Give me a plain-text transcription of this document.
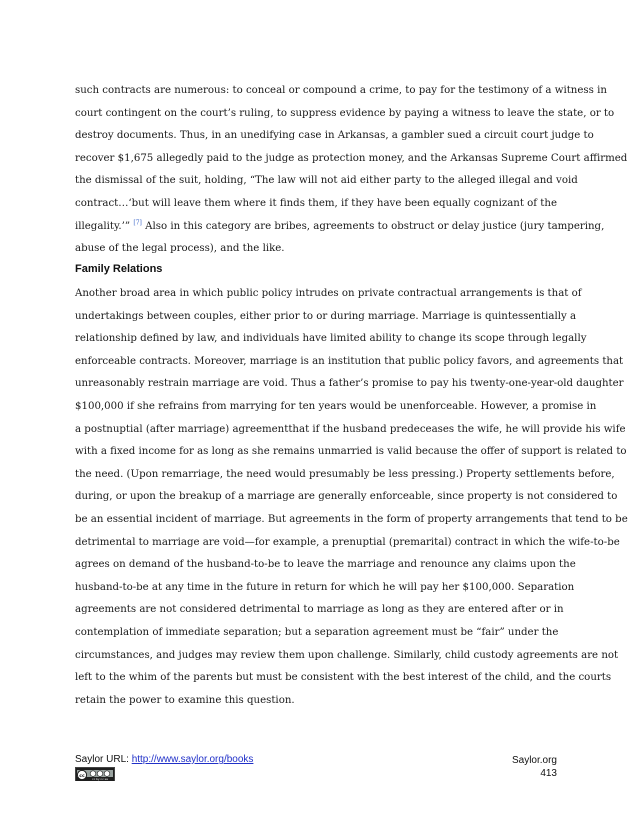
such contracts are numerous: to conceal or compound a crime, to pay for the testimony of a witness in
court contingent on the court’s ruling, to suppress evidence by paying a witness to leave the state, or to
destroy documents. Thus, in an unedifying case in Arkansas, a gambler sued a circuit court judge to
recover $1,675 allegedly paid to the judge as protection money, and the Arkansas Supreme Court affirmed
the dismissal of the suit, holding, “The law will not aid either party to the alleged illegal and void
contract…‘but will leave them where it finds them, if they have been equally cognizant of the
illegality.’” [7] Also in this category are bribes, agreements to obstruct or delay justice (jury tampering,
abuse of the legal process), and the like.
Family Relations
Another broad area in which public policy intrudes on private contractual arrangements is that of
undertakings between couples, either prior to or during marriage. Marriage is quintessentially a
relationship defined by law, and individuals have limited ability to change its scope through legally
enforceable contracts. Moreover, marriage is an institution that public policy favors, and agreements that
unreasonably restrain marriage are void. Thus a father’s promise to pay his twenty-one-year-old daughter
$100,000 if she refrains from marrying for ten years would be unenforceable. However, a promise in
a postnuptial (after marriage) agreementthat if the husband predeceases the wife, he will provide his wife
with a fixed income for as long as she remains unmarried is valid because the offer of support is related to
the need. (Upon remarriage, the need would presumably be less pressing.) Property settlements before,
during, or upon the breakup of a marriage are generally enforceable, since property is not considered to
be an essential incident of marriage. But agreements in the form of property arrangements that tend to be
detrimental to marriage are void—for example, a prenuptial (premarital) contract in which the wife-to-be
agrees on demand of the husband-to-be to leave the marriage and renounce any claims upon the
husband-to-be at any time in the future in return for which he will pay her $100,000. Separation
agreements are not considered detrimental to marriage as long as they are entered after or in
contemplation of immediate separation; but a separation agreement must be “fair” under the
circumstances, and judges may review them upon challenge. Similarly, child custody agreements are not
left to the whim of the parents but must be consistent with the best interest of the child, and the courts
retain the power to examine this question.
Saylor URL: http://www.saylor.org/books
cc
cc by nc sa
Saylor.org
413
